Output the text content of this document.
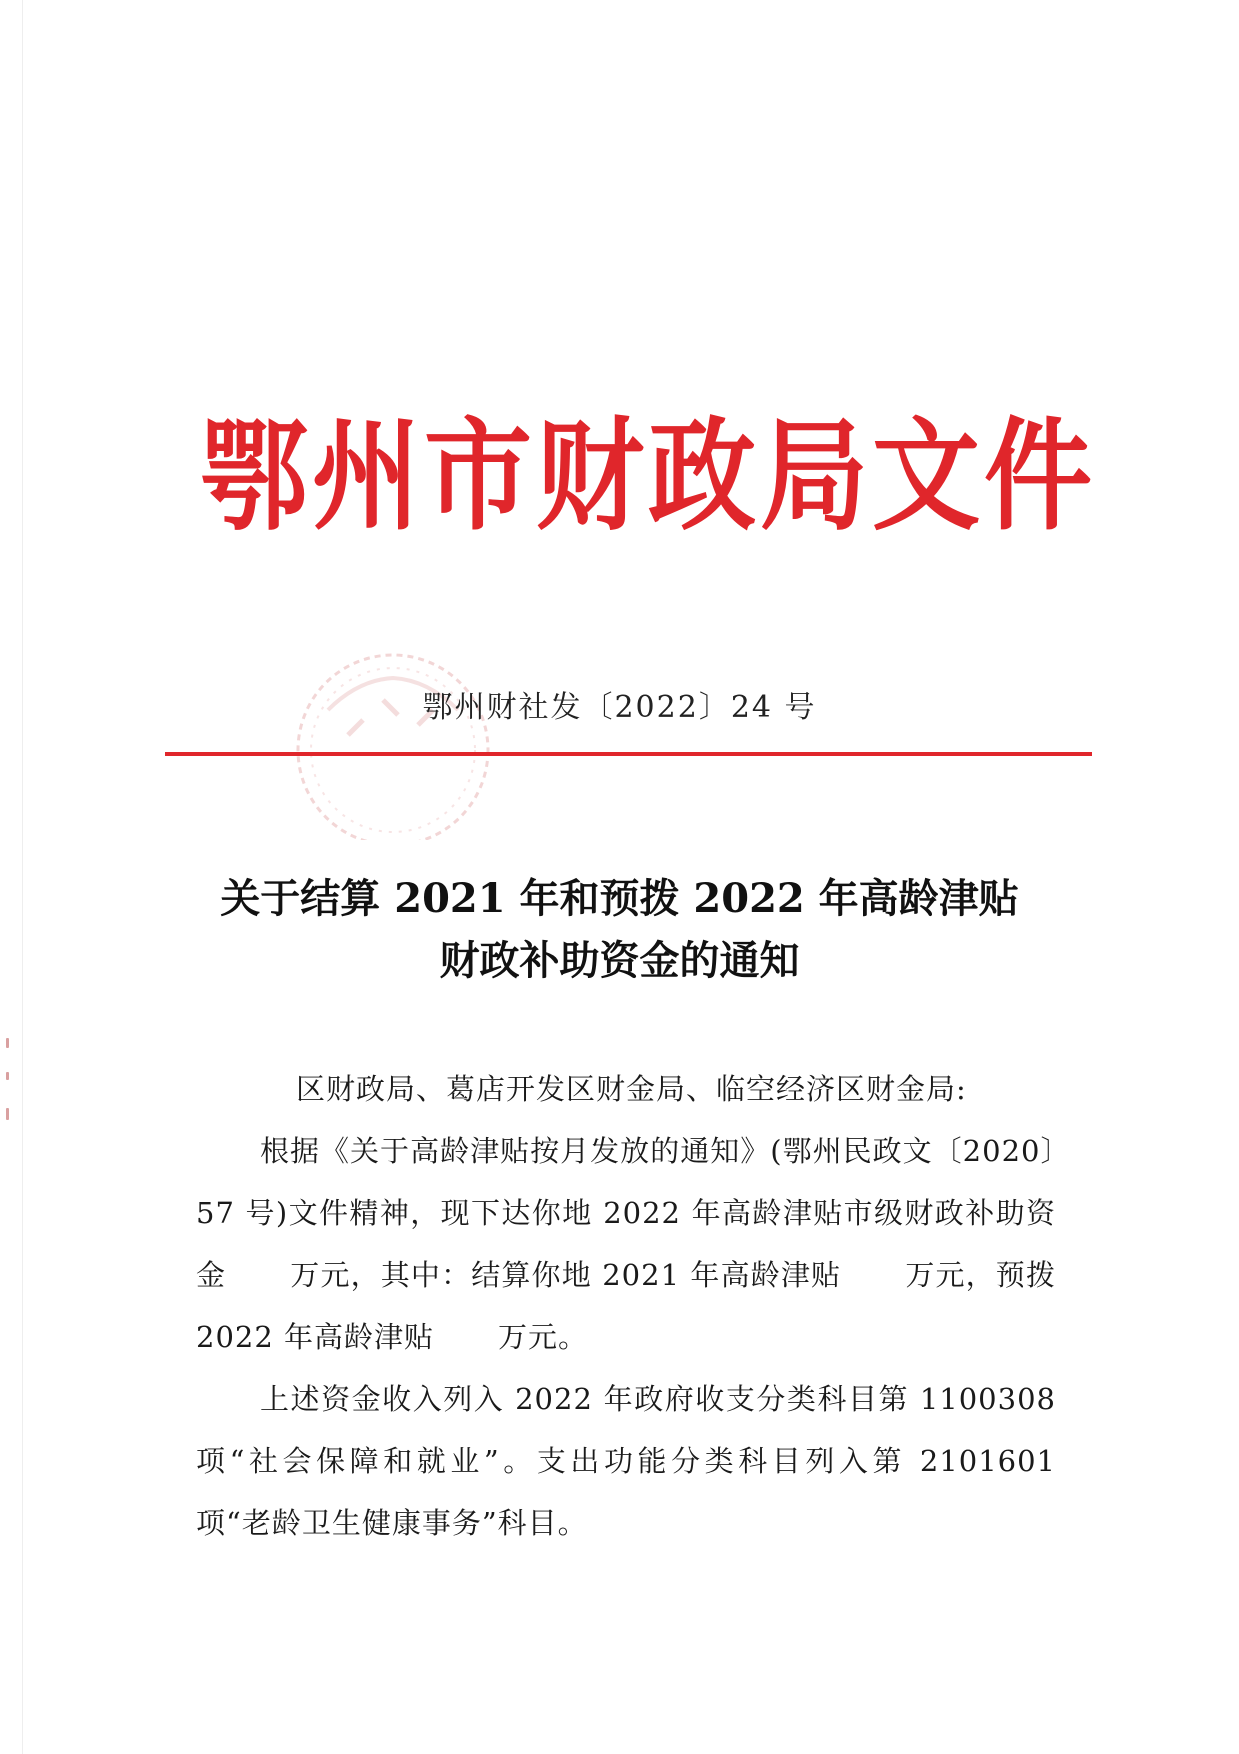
鄂州市财政局文件
鄂州财社发〔2022〕24 号
关于结算 2021 年和预拨 2022 年高龄津贴
财政补助资金的通知

区财政局、葛店开发区财金局、临空经济区财金局:

根据《关于高龄津贴按月发放的通知》(鄂州民政文〔2020〕57 号)文件精神，现下达你地 2022 年高龄津贴市级财政补助资金 万元，其中：结算你地 2021 年高龄津贴 万元，预拨 2022 年高龄津贴 万元。

上述资金收入列入 2022 年政府收支分类科目第 1100308 项“社会保障和就业”。支出功能分类科目列入第 2101601 项“老龄卫生健康事务”科目。
